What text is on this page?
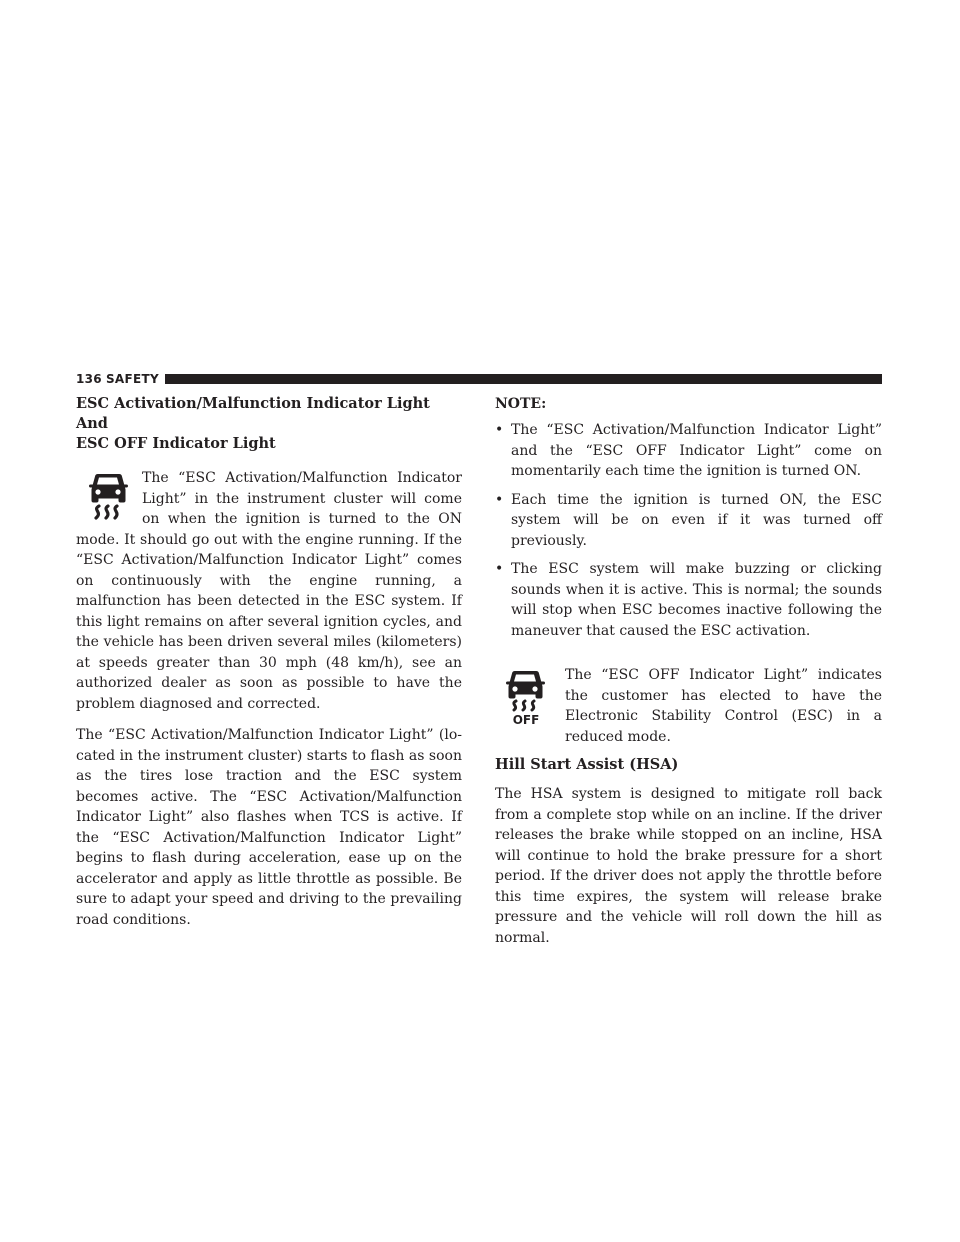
136 SAFETY
ESC Activation/Malfunction Indicator Light And
ESC OFF Indicator Light

The “ESC Activation/Malfunction Indicator Light” in the instrument cluster will come on when the ignition is turned to the ON mode. It should go out with the engine running. If the “ESC Activation/Malfunction Indicator Light” comes on continuously with the engine running, a malfunction has been detected in the ESC system. If this light remains on after several ignition cycles, and the vehicle has been driven several miles (kilometers) at speeds greater than 30 mph (48 km/h), see an authorized dealer as soon as possible to have the problem diagnosed and corrected.

The “ESC Activation/Malfunction Indicator Light” (located in the instrument cluster) starts to flash as soon as the tires lose traction and the ESC system becomes active. The “ESC Activation/Malfunction Indicator Light” also flashes when TCS is active. If the “ESC Activation/Malfunction Indicator Light” begins to flash during acceleration, ease up on the accelerator and apply as little throttle as possible. Be sure to adapt your speed and driving to the prevailing road conditions.

NOTE:
• The “ESC Activation/Malfunction Indicator Light” and the “ESC OFF Indicator Light” come on momentarily each time the ignition is turned ON.
• Each time the ignition is turned ON, the ESC system will be on even if it was turned off previously.
• The ESC system will make buzzing or clicking sounds when it is active. This is normal; the sounds will stop when ESC becomes inactive following the maneuver that caused the ESC activation.
OFF

The “ESC OFF Indicator Light” indicates the customer has elected to have the Electronic Stability Control (ESC) in a reduced mode.

Hill Start Assist (HSA)

The HSA system is designed to mitigate roll back from a complete stop while on an incline. If the driver releases the brake while stopped on an incline, HSA will continue to hold the brake pressure for a short period. If the driver does not apply the throttle before this time expires, the system will release brake pressure and the vehicle will roll down the hill as normal.
